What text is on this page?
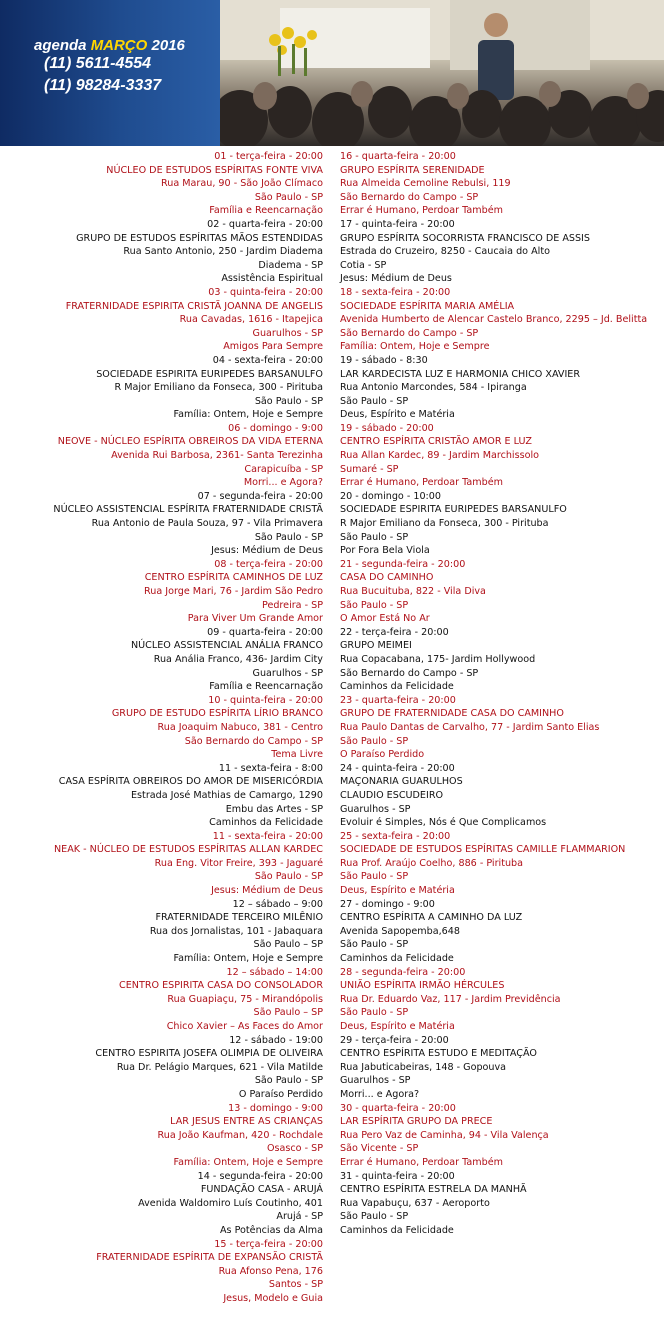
agenda MARÇO 2016
(11) 5611-4554
(11) 98284-3337
01 - terça-feira - 20:00
NÚCLEO DE ESTUDOS ESPÍRITAS FONTE VIVA
Rua Marau, 90 - São João Clímaco
São Paulo - SP
Família e Reencarnação
02 - quarta-feira - 20:00
GRUPO DE ESTUDOS ESPÍRITAS MÃOS ESTENDIDAS
Rua Santo Antonio, 250 - Jardim Diadema
Diadema - SP
Assistência Espiritual
03 - quinta-feira - 20:00
FRATERNIDADE ESPIRITA CRISTÃ JOANNA DE ANGELIS
Rua Cavadas, 1616 - Itapejica
Guarulhos - SP
Amigos Para Sempre
04 - sexta-feira - 20:00
SOCIEDADE ESPIRITA EURIPEDES BARSANULFO
R Major Emiliano da Fonseca, 300 - Pirituba
São Paulo - SP
Família: Ontem, Hoje e Sempre
06 - domingo - 9:00
NEOVE - NÚCLEO ESPÍRITA OBREIROS DA VIDA ETERNA
Avenida Rui Barbosa, 2361- Santa Terezinha
Carapicuíba - SP
Morri... e Agora?
07 - segunda-feira - 20:00
NÚCLEO ASSISTENCIAL ESPÍRITA FRATERNIDADE CRISTÃ
Rua Antonio de Paula Souza, 97 - Vila Primavera
São Paulo - SP
Jesus: Médium de Deus
08 - terça-feira - 20:00
CENTRO ESPÍRITA CAMINHOS DE LUZ
Rua Jorge Mari, 76 - Jardim São Pedro
Pedreira - SP
Para Viver Um Grande Amor
09 - quarta-feira - 20:00
NÚCLEO ASSISTENCIAL ANÁLIA FRANCO
Rua Anália Franco, 436- Jardim City
Guarulhos - SP
Família e Reencarnação
10 - quinta-feira - 20:00
GRUPO DE ESTUDO ESPÍRITA LÍRIO BRANCO
Rua Joaquim Nabuco, 381 - Centro
São Bernardo do Campo - SP
Tema Livre
11 - sexta-feira - 8:00
CASA ESPÍRITA OBREIROS DO AMOR DE MISERICÓRDIA
Estrada José Mathias de Camargo, 1290
Embu das Artes - SP
Caminhos da Felicidade
11 - sexta-feira - 20:00
NEAK - NÚCLEO DE ESTUDOS ESPÍRITAS ALLAN KARDEC
Rua Eng. Vitor Freire, 393 - Jaguaré
São Paulo - SP
Jesus: Médium de Deus
12 – sábado – 9:00
FRATERNIDADE TERCEIRO MILÊNIO
Rua dos Jornalistas, 101 - Jabaquara
São Paulo – SP
Família: Ontem, Hoje e Sempre
12 – sábado – 14:00
CENTRO ESPIRITA CASA DO CONSOLADOR
Rua Guapiaçu, 75 - Mirandópolis
São Paulo – SP
Chico Xavier – As Faces do Amor
12 - sábado - 19:00
CENTRO ESPIRITA JOSEFA OLIMPIA DE OLIVEIRA
Rua Dr. Pelágio Marques, 621 - Vila Matilde
São Paulo - SP
O Paraíso Perdido
13 - domingo - 9:00
LAR JESUS ENTRE AS CRIANÇAS
Rua João Kaufman, 420 - Rochdale
Osasco - SP
Família: Ontem, Hoje e Sempre
14 - segunda-feira - 20:00
FUNDAÇÃO CASA - ARUJÁ
Avenida Waldomiro Luís Coutinho, 401
Arujá - SP
As Potências da Alma
15 - terça-feira - 20:00
FRATERNIDADE ESPÍRITA DE EXPANSÃO CRISTÃ
Rua Afonso Pena, 176
Santos - SP
Jesus, Modelo e Guia
16 - quarta-feira - 20:00
GRUPO ESPÍRITA SERENIDADE
Rua Almeida Cemoline Rebulsi, 119
São Bernardo do Campo - SP
Errar é Humano, Perdoar Também
17 - quinta-feira - 20:00
GRUPO ESPÍRITA SOCORRISTA FRANCISCO DE ASSIS
Estrada do Cruzeiro, 8250 - Caucaia do Alto
Cotia - SP
Jesus: Médium de Deus
18 - sexta-feira - 20:00
SOCIEDADE ESPÍRITA MARIA AMÉLIA
Avenida Humberto de Alencar Castelo Branco, 2295 – Jd. Belitta
São Bernardo do Campo - SP
Família: Ontem, Hoje e Sempre
19 - sábado - 8:30
LAR KARDECISTA LUZ E HARMONIA CHICO XAVIER
Rua Antonio Marcondes, 584 - Ipiranga
São Paulo - SP
Deus, Espírito e Matéria
19 - sábado - 20:00
CENTRO ESPÍRITA CRISTÃO AMOR E LUZ
Rua Allan Kardec, 89 - Jardim Marchissolo
Sumaré - SP
Errar é Humano, Perdoar Também
20 - domingo - 10:00
SOCIEDADE ESPIRITA EURIPEDES BARSANULFO
R Major Emiliano da Fonseca, 300 - Pirituba
São Paulo - SP
Por Fora Bela Viola
21 - segunda-feira - 20:00
CASA DO CAMINHO
Rua Bucuituba, 822 - Vila Diva
São Paulo - SP
O Amor Está No Ar
22 - terça-feira - 20:00
GRUPO MEIMEI
Rua Copacabana, 175- Jardim Hollywood
São Bernardo do Campo - SP
Caminhos da Felicidade
23 - quarta-feira - 20:00
GRUPO DE FRATERNIDADE CASA DO CAMINHO
Rua Paulo Dantas de Carvalho, 77 - Jardim Santo Elias
São Paulo - SP
O Paraíso Perdido
24 - quinta-feira - 20:00
MAÇONARIA GUARULHOS
CLAUDIO ESCUDEIRO
Guarulhos - SP
Evoluir é Simples, Nós é Que Complicamos
25 - sexta-feira - 20:00
SOCIEDADE DE ESTUDOS ESPÍRITAS CAMILLE FLAMMARION
Rua Prof. Araújo Coelho, 886 - Pirituba
São Paulo - SP
Deus, Espírito e Matéria
27 - domingo - 9:00
CENTRO ESPÍRITA A CAMINHO DA LUZ
Avenida Sapopemba,648
São Paulo - SP
Caminhos da Felicidade
28 - segunda-feira - 20:00
UNIÃO ESPÍRITA IRMÃO HÉRCULES
Rua Dr. Eduardo Vaz, 117 - Jardim Previdência
São Paulo - SP
Deus, Espírito e Matéria
29 - terça-feira - 20:00
CENTRO ESPÍRITA ESTUDO E MEDITAÇÃO
Rua Jabuticabeiras, 148 - Gopouva
Guarulhos - SP
Morri... e Agora?
30 - quarta-feira - 20:00
LAR ESPÍRITA GRUPO DA PRECE
Rua Pero Vaz de Caminha, 94 - Vila Valença
São Vicente - SP
Errar é Humano, Perdoar Também
31 - quinta-feira - 20:00
CENTRO ESPÍRITA ESTRELA DA MANHÃ
Rua Vapabuçu, 637 - Aeroporto
São Paulo - SP
Caminhos da Felicidade
